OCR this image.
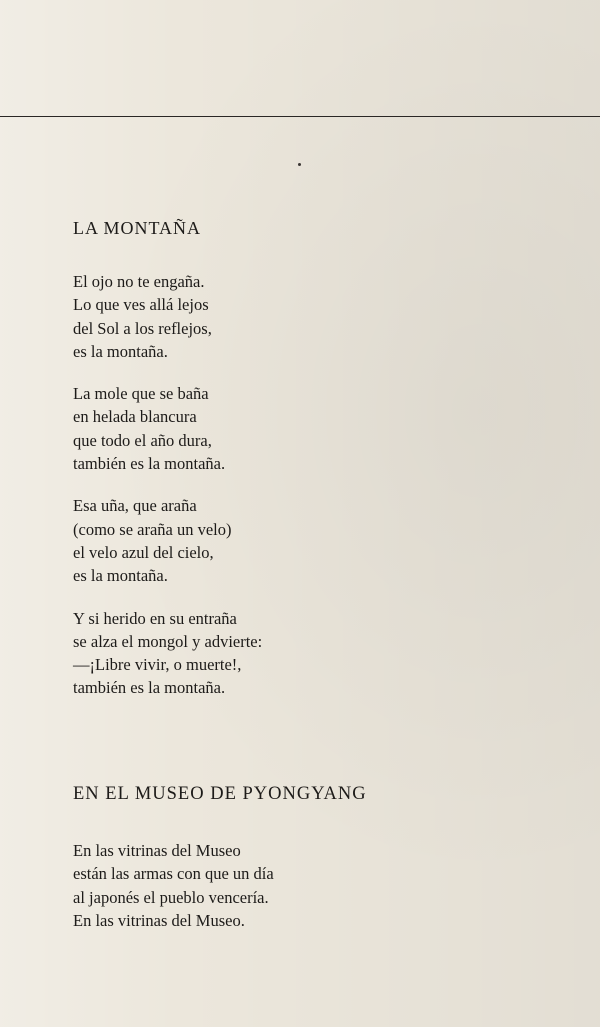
LA MONTAÑA
El ojo no te engaña.
Lo que ves allá lejos
del Sol a los reflejos,
es la montaña.
La mole que se baña
en helada blancura
que todo el año dura,
también es la montaña.
Esa uña, que araña
(como se araña un velo)
el velo azul del cielo,
es la montaña.
Y si herido en su entraña
se alza el mongol y advierte:
—¡Libre vivir, o muerte!,
también es la montaña.
EN EL MUSEO DE PYONGYANG
En las vitrinas del Museo
están las armas con que un día
al japonés el pueblo vencería.
En las vitrinas del Museo.
